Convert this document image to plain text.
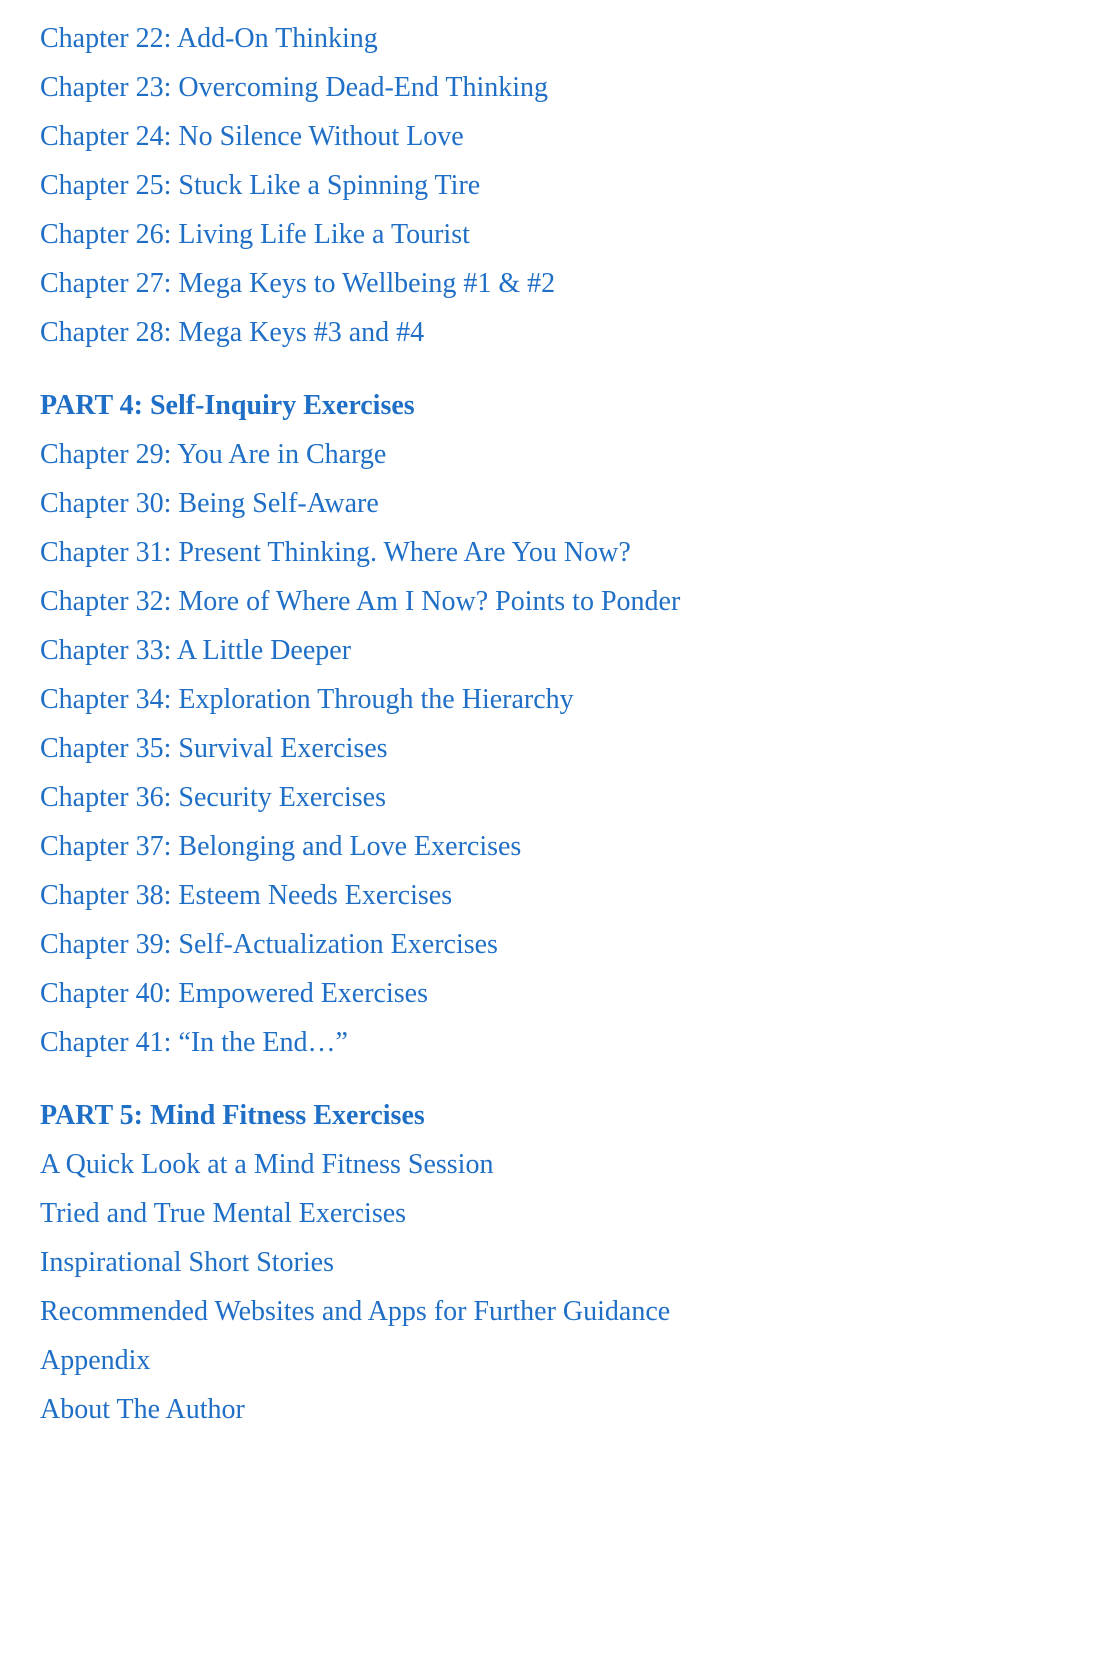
Chapter 22: Add-On Thinking
Chapter 23: Overcoming Dead-End Thinking
Chapter 24: No Silence Without Love
Chapter 25: Stuck Like a Spinning Tire
Chapter 26: Living Life Like a Tourist
Chapter 27: Mega Keys to Wellbeing #1 & #2
Chapter 28: Mega Keys #3 and #4
PART 4: Self-Inquiry Exercises
Chapter 29: You Are in Charge
Chapter 30: Being Self-Aware
Chapter 31: Present Thinking. Where Are You Now?
Chapter 32: More of Where Am I Now? Points to Ponder
Chapter 33: A Little Deeper
Chapter 34: Exploration Through the Hierarchy
Chapter 35: Survival Exercises
Chapter 36: Security Exercises
Chapter 37: Belonging and Love Exercises
Chapter 38: Esteem Needs Exercises
Chapter 39: Self-Actualization Exercises
Chapter 40: Empowered Exercises
Chapter 41: “In the End…”
PART 5: Mind Fitness Exercises
A Quick Look at a Mind Fitness Session
Tried and True Mental Exercises
Inspirational Short Stories
Recommended Websites and Apps for Further Guidance
Appendix
About The Author
